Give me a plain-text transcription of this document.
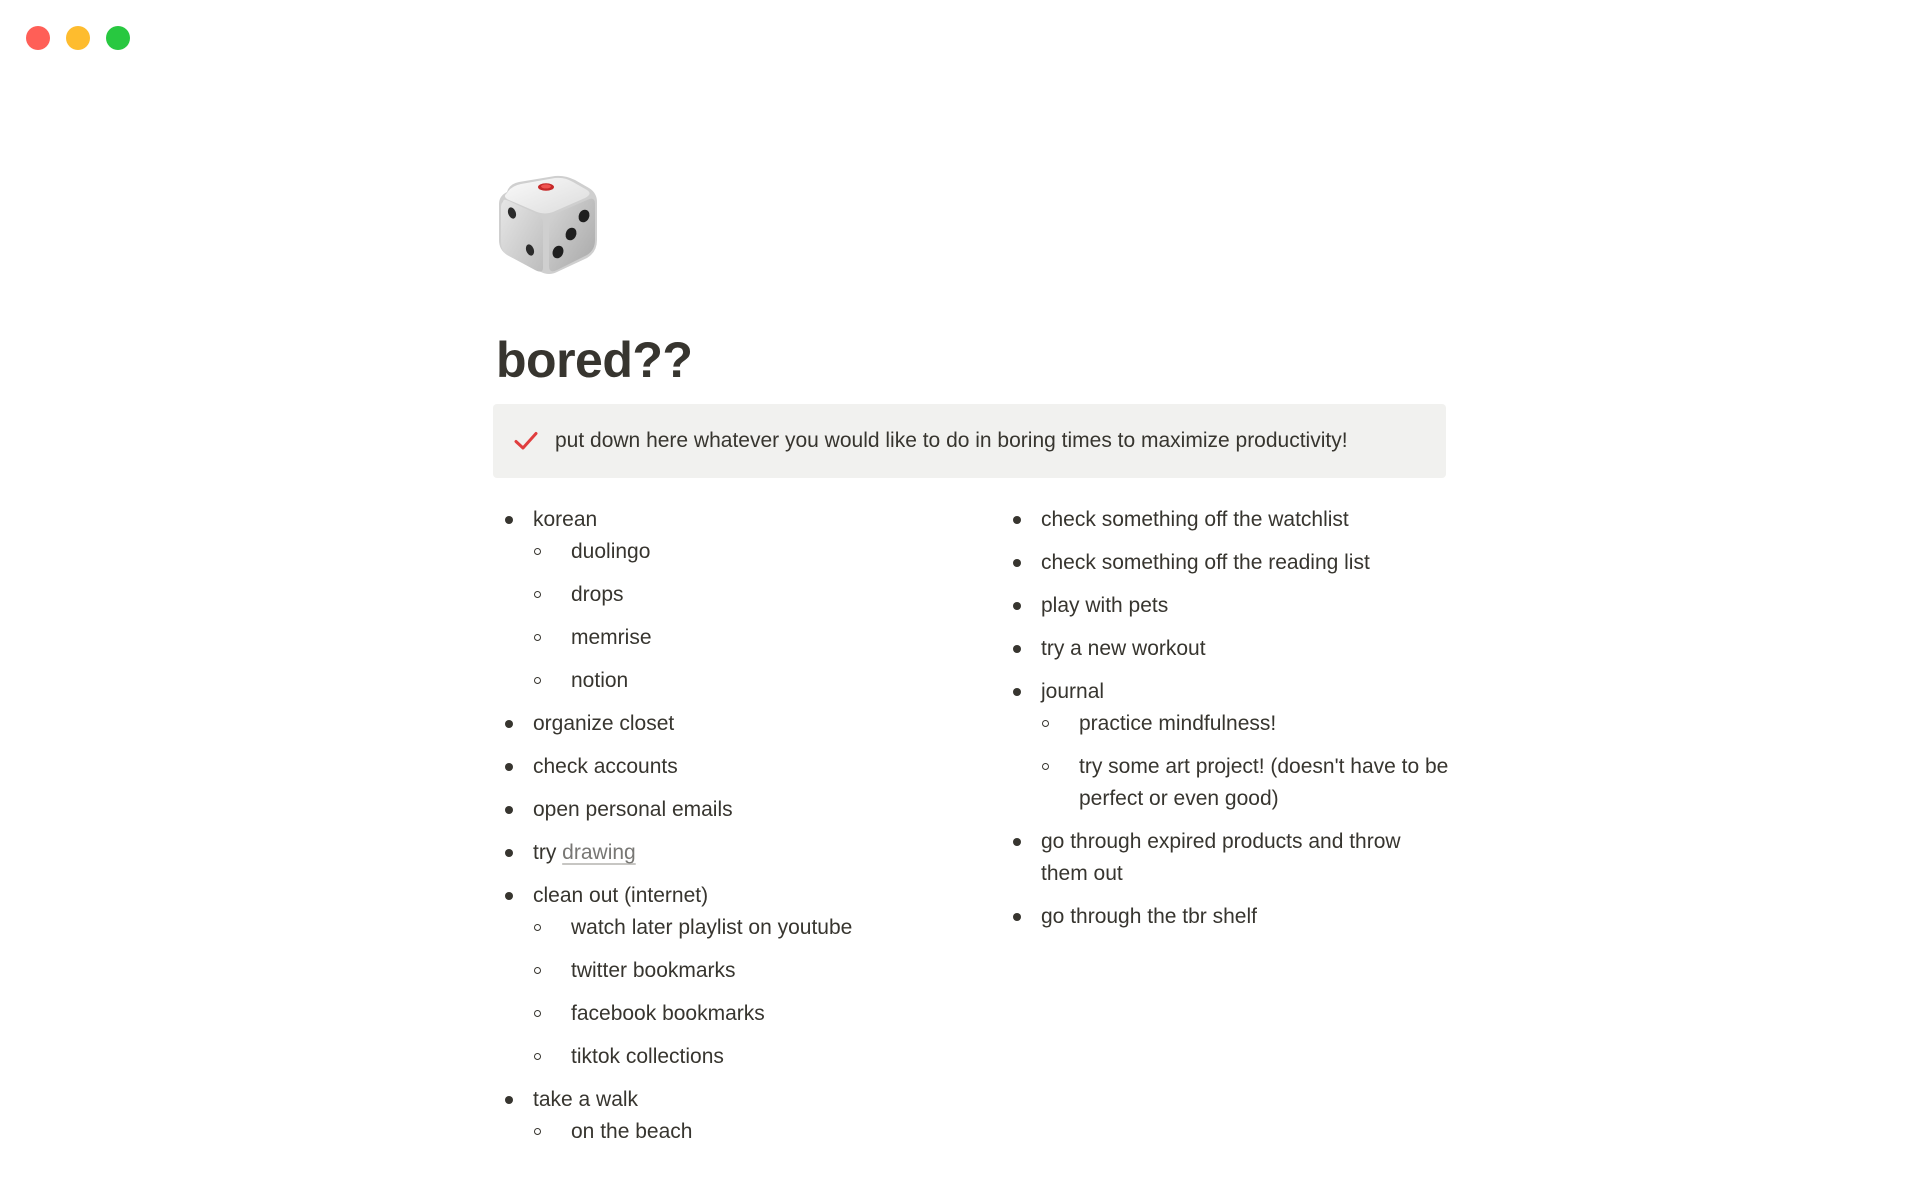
bored??
put down here whatever you would like to do in boring times to maximize productivity!
korean
duolingo
drops
memrise
notion
organize closet
check accounts
open personal emails
try drawing
clean out (internet)
watch later playlist on youtube
twitter bookmarks
facebook bookmarks
tiktok collections
take a walk
on the beach
check something off the watchlist
check something off the reading list
play with pets
try a new workout
journal
practice mindfulness!
try some art project! (doesn't have to be perfect or even good)
go through expired products and throw them out
go through the tbr shelf
